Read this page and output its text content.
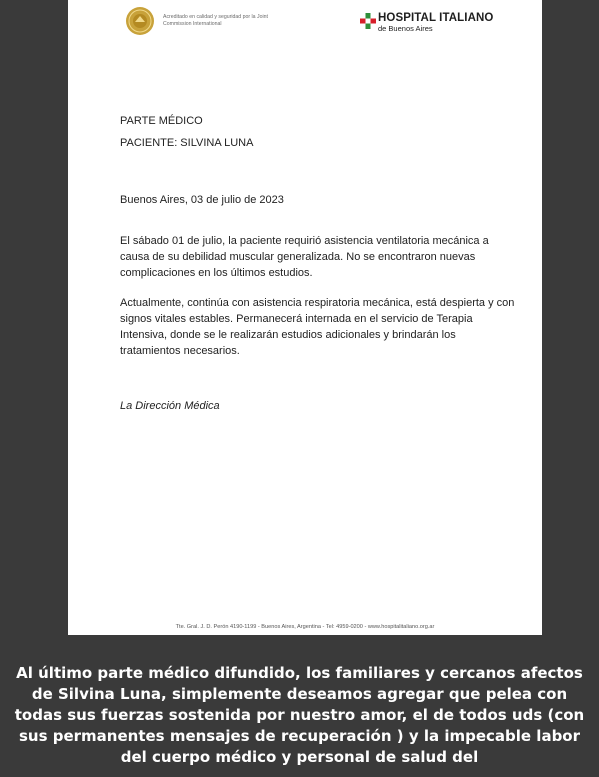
Acreditado en calidad y seguridad por la Joint Commission International	HOSPITAL ITALIANO
de Buenos Aires
PARTE MÉDICO
PACIENTE: SILVINA LUNA
Buenos Aires, 03 de julio de 2023
El sábado 01 de julio, la paciente requirió asistencia ventilatoria mecánica a causa de su debilidad muscular generalizada. No se encontraron nuevas complicaciones en los últimos estudios.
Actualmente, continúa con asistencia respiratoria mecánica, está despierta y con signos vitales estables. Permanecerá internada en el servicio de Terapia Intensiva, donde se le realizarán estudios adicionales y brindarán los tratamientos necesarios.
La Dirección Médica
Tte. Gral. J. D. Perón 4190-1199 - Buenos Aires, Argentina - Tel: 4959-0200 - www.hospitalitaliano.org.ar
Al último parte médico difundido, los familiares y cercanos afectos de Silvina Luna, simplemente deseamos agregar que pelea con todas sus fuerzas sostenida por nuestro amor, el de todos uds (con sus permanentes mensajes de recuperación ) y la impecable labor del cuerpo médico y personal de salud del
